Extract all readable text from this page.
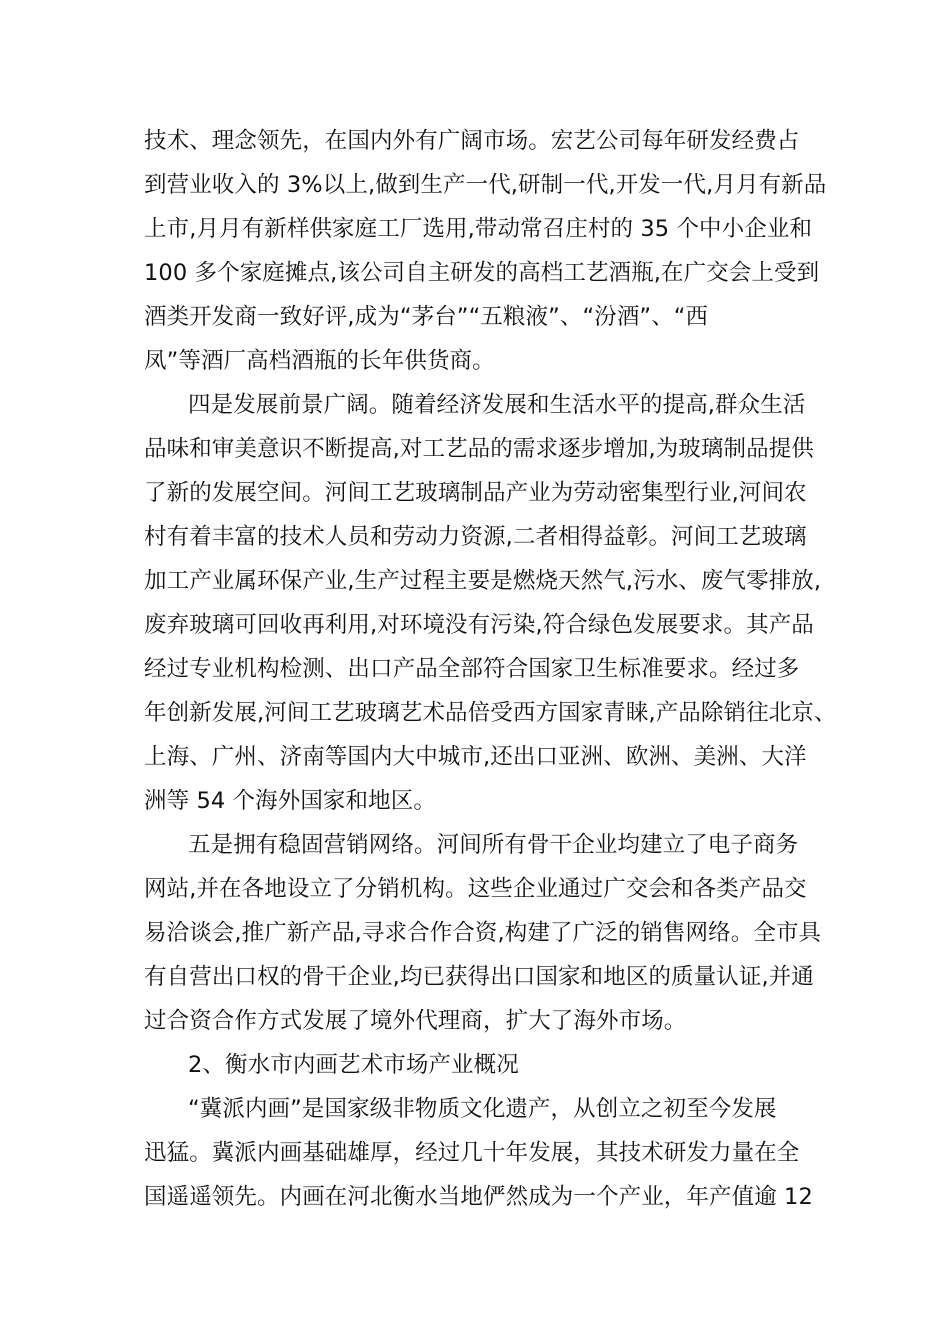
技术、理念领先，在国内外有广阔市场。宏艺公司每年研发经费占
到营业收入的 3%以上,做到生产一代,研制一代,开发一代,月月有新品
上市,月月有新样供家庭工厂选用,带动常召庄村的 35 个中小企业和
100 多个家庭摊点,该公司自主研发的高档工艺酒瓶,在广交会上受到
酒类开发商一致好评,成为“茅台”“五粮液”、“汾酒”、“西
凤”等酒厂高档酒瓶的长年供货商。
四是发展前景广阔。随着经济发展和生活水平的提高,群众生活
品味和审美意识不断提高,对工艺品的需求逐步增加,为玻璃制品提供
了新的发展空间。河间工艺玻璃制品产业为劳动密集型行业,河间农
村有着丰富的技术人员和劳动力资源,二者相得益彰。河间工艺玻璃
加工产业属环保产业,生产过程主要是燃烧天然气,污水、废气零排放,
废弃玻璃可回收再利用,对环境没有污染,符合绿色发展要求。其产品
经过专业机构检测、出口产品全部符合国家卫生标准要求。经过多
年创新发展,河间工艺玻璃艺术品倍受西方国家青睐,产品除销往北京、
上海、广州、济南等国内大中城市,还出口亚洲、欧洲、美洲、大洋
洲等 54 个海外国家和地区。
五是拥有稳固营销网络。河间所有骨干企业均建立了电子商务
网站,并在各地设立了分销机构。这些企业通过广交会和各类产品交
易洽谈会,推广新产品,寻求合作合资,构建了广泛的销售网络。全市具
有自营出口权的骨干企业,均已获得出口国家和地区的质量认证,并通
过合资合作方式发展了境外代理商，扩大了海外市场。
2、衡水市内画艺术市场产业概况
“冀派内画”是国家级非物质文化遗产，从创立之初至今发展
迅猛。冀派内画基础雄厚，经过几十年发展，其技术研发力量在全
国遥遥领先。内画在河北衡水当地俨然成为一个产业，年产值逾 12
